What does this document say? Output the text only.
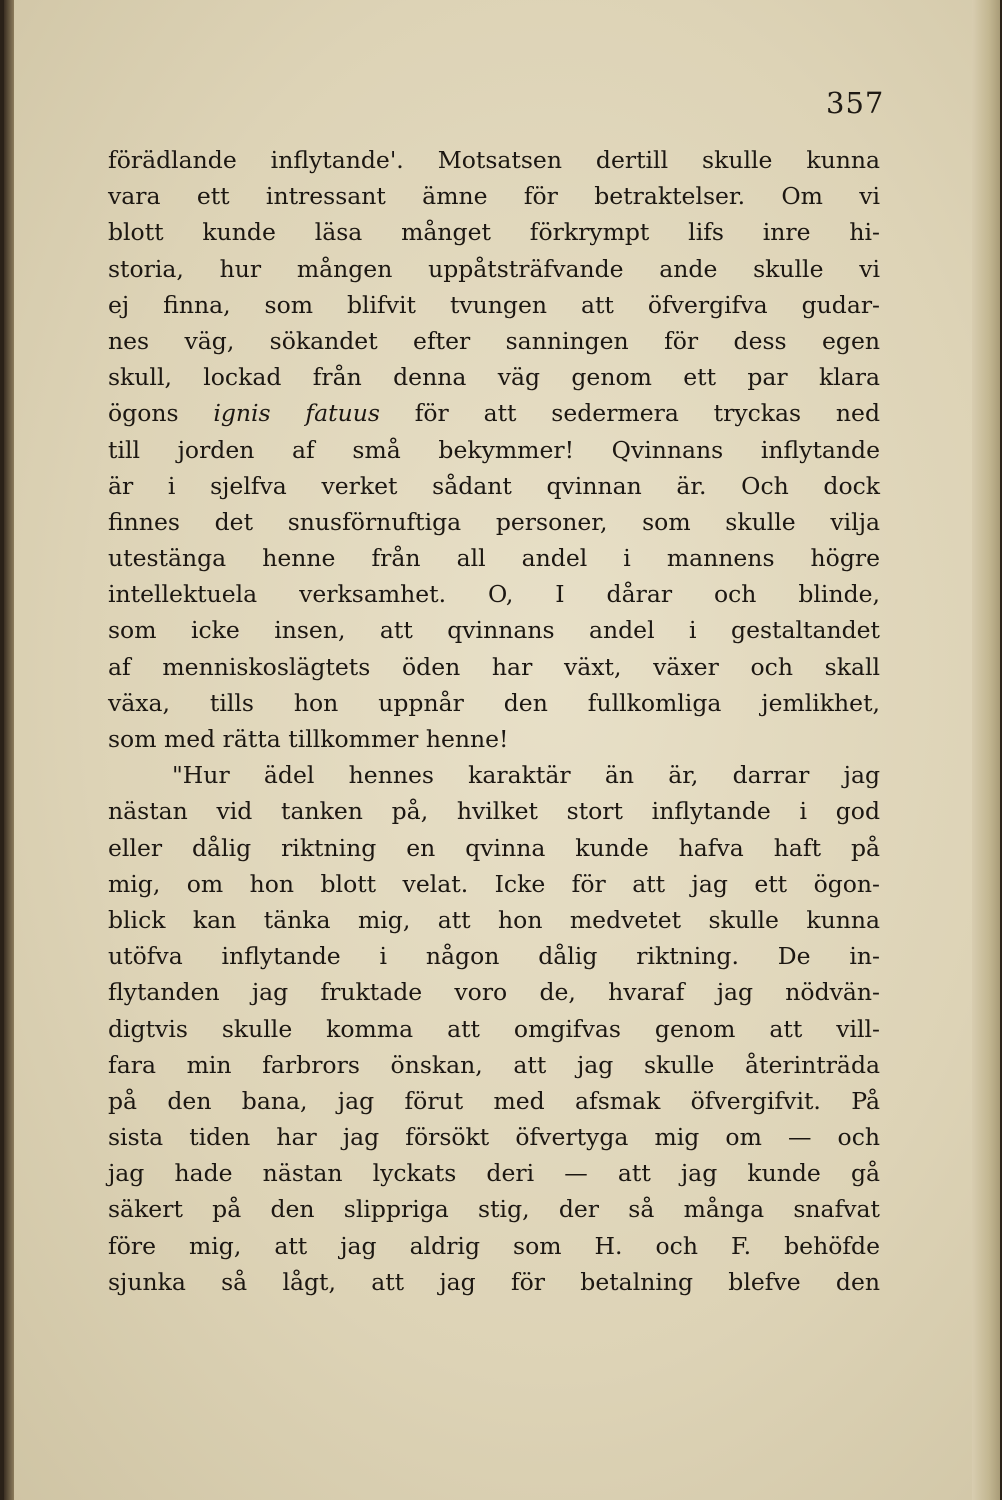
357
förädlande inflytande'. Motsatsen dertill skulle kunna
vara ett intressant ämne för betraktelser. Om vi
blott kunde läsa månget förkrympt lifs inre hi-
storia, hur mången uppåtsträfvande ande skulle vi
ej finna, som blifvit tvungen att öfvergifva gudar-
nes väg, sökandet efter sanningen för dess egen
skull, lockad från denna väg genom ett par klara
ögons ignis fatuus för att sedermera tryckas ned
till jorden af små bekymmer! Qvinnans inflytande
är i sjelfva verket sådant qvinnan är. Och dock
finnes det snusförnuftiga personer, som skulle vilja
utestänga henne från all andel i mannens högre
intellektuela verksamhet. O, I dårar och blinde,
som icke insen, att qvinnans andel i gestaltandet
af menniskoslägtets öden har växt, växer och skall
växa, tills hon uppnår den fullkomliga jemlikhet,
som med rätta tillkommer henne!
"Hur ädel hennes karaktär än är, darrar jag
nästan vid tanken på, hvilket stort inflytande i god
eller dålig riktning en qvinna kunde hafva haft på
mig, om hon blott velat. Icke för att jag ett ögon-
blick kan tänka mig, att hon medvetet skulle kunna
utöfva inflytande i någon dålig riktning. De in-
flytanden jag fruktade voro de, hvaraf jag nödvän-
digtvis skulle komma att omgifvas genom att vill-
fara min farbrors önskan, att jag skulle återinträda
på den bana, jag förut med afsmak öfvergifvit. På
sista tiden har jag försökt öfvertyga mig om — och
jag hade nästan lyckats deri — att jag kunde gå
säkert på den slippriga stig, der så många snafvat
före mig, att jag aldrig som H. och F. behöfde
sjunka så lågt, att jag för betalning blefve den
